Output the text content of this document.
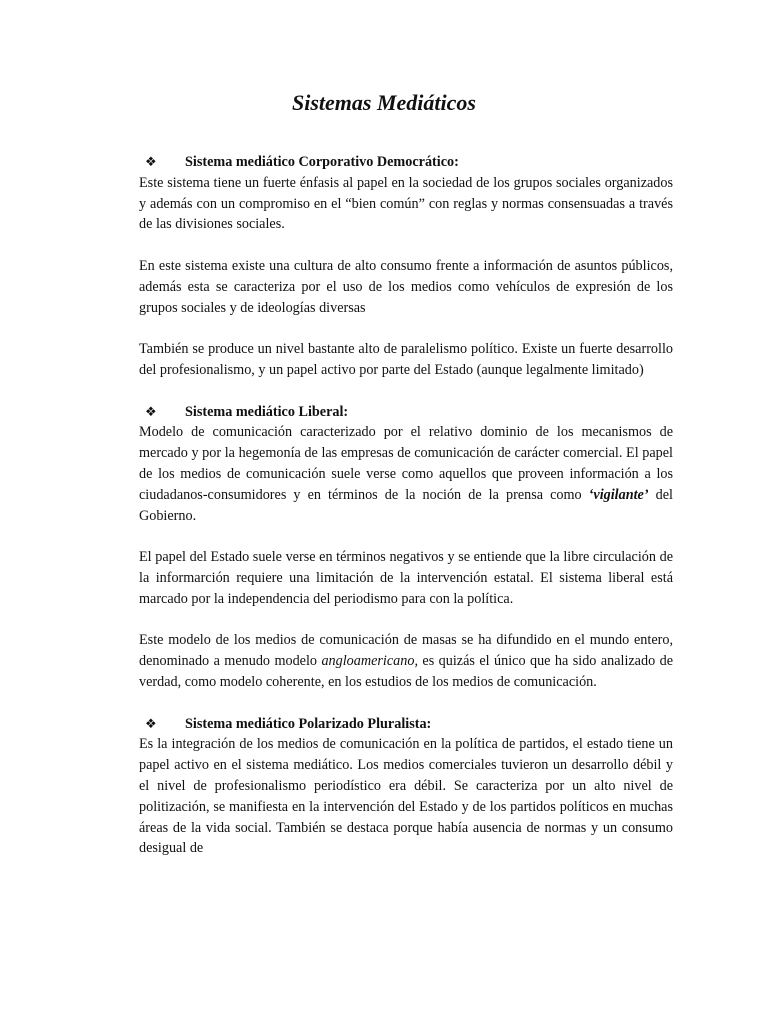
Sistemas Mediáticos
❖ Sistema mediático Corporativo Democrático:

Este sistema tiene un fuerte énfasis al papel en la sociedad de los grupos sociales organizados y además con un compromiso en el “bien común” con reglas y normas consensuadas a través de las divisiones sociales.

En este sistema existe una cultura de alto consumo frente a información de asuntos públicos, además esta se caracteriza por el uso de los medios como vehículos de expresión de los grupos sociales y de ideologías diversas

También se produce un nivel bastante alto de paralelismo político. Existe un fuerte desarrollo del profesionalismo, y un papel activo por parte del Estado (aunque legalmente limitado)

❖ Sistema mediático Liberal:

Modelo de comunicación caracterizado por el relativo dominio de los mecanismos de mercado y por la hegemonía de las empresas de comunicación de carácter comercial. El papel de los medios de comunicación suele verse como aquellos que proveen información a los ciudadanos-consumidores y en términos de la noción de la prensa como ‘vigilante’ del Gobierno.

El papel del Estado suele verse en términos negativos y se entiende que la libre circulación de la informarción requiere una limitación de la intervención estatal. El sistema liberal está marcado por la independencia del periodismo para con la política.

Este modelo de los medios de comunicación de masas se ha difundido en el mundo entero, denominado a menudo modelo angloamericano, es quizás el único que ha sido analizado de verdad, como modelo coherente, en los estudios de los medios de comunicación.

❖ Sistema mediático Polarizado Pluralista:

Es la integración de los medios de comunicación en la política de partidos, el estado tiene un papel activo en el sistema mediático. Los medios comerciales tuvieron un desarrollo débil y el nivel de profesionalismo periodístico era débil. Se caracteriza por un alto nivel de politización, se manifiesta en la intervención del Estado y de los partidos políticos en muchas áreas de la vida social. También se destaca porque había ausencia de normas y un consumo desigual de
